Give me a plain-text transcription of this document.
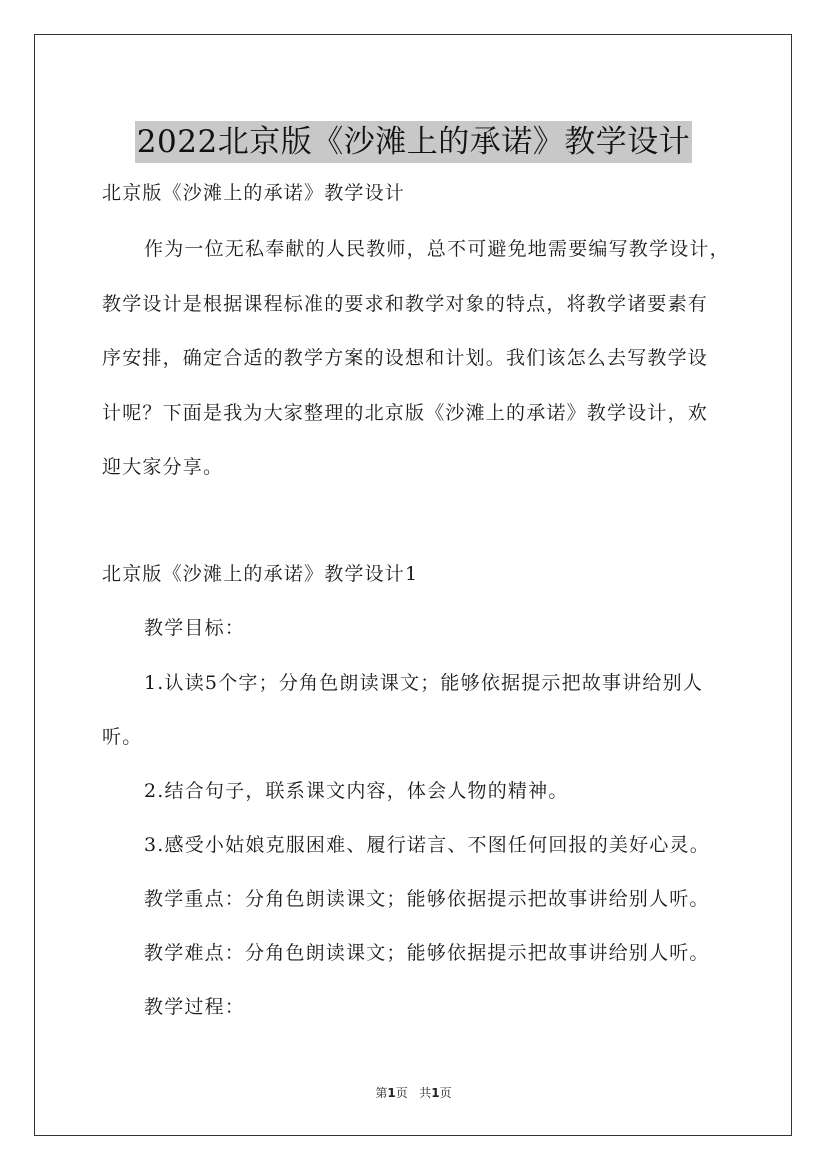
2022北京版《沙滩上的承诺》教学设计
北京版《沙滩上的承诺》教学设计
作为一位无私奉献的人民教师，总不可避免地需要编写教学设计，
教学设计是根据课程标准的要求和教学对象的特点，将教学诸要素有
序安排，确定合适的教学方案的设想和计划。我们该怎么去写教学设
计呢？下面是我为大家整理的北京版《沙滩上的承诺》教学设计，欢
迎大家分享。
北京版《沙滩上的承诺》教学设计1
教学目标：
1.认读5个字；分角色朗读课文；能够依据提示把故事讲给别人
听。
2.结合句子，联系课文内容，体会人物的精神。
3.感受小姑娘克服困难、履行诺言、不图任何回报的美好心灵。
教学重点：分角色朗读课文；能够依据提示把故事讲给别人听。
教学难点：分角色朗读课文；能够依据提示把故事讲给别人听。
教学过程：
第1页 共1页
